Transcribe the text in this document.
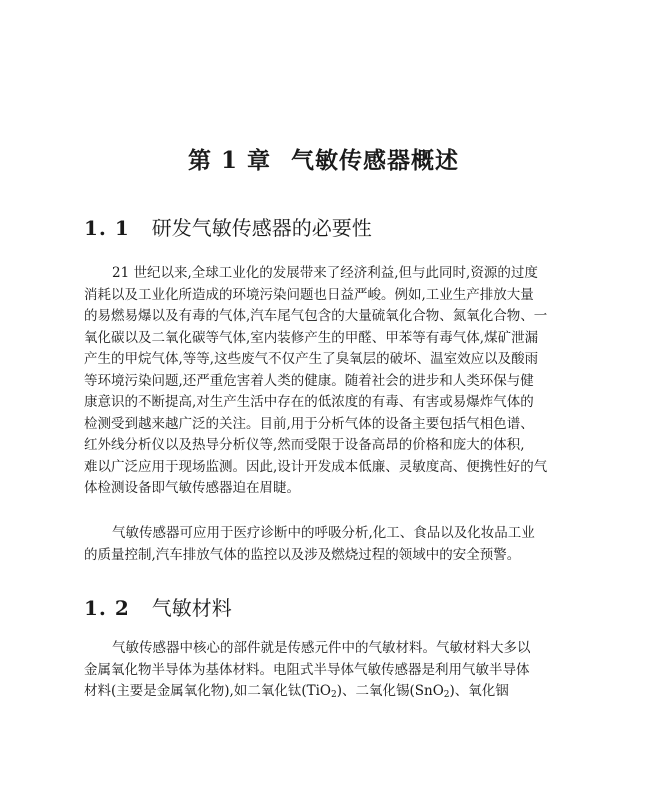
第 1 章 气敏传感器概述
1. 1 研发气敏传感器的必要性
21 世纪以来,全球工业化的发展带来了经济利益,但与此同时,资源的过度
消耗以及工业化所造成的环境污染问题也日益严峻。例如,工业生产排放大量
的易燃易爆以及有毒的气体,汽车尾气包含的大量硫氧化合物、氮氧化合物、一
氧化碳以及二氧化碳等气体,室内装修产生的甲醛、甲苯等有毒气体,煤矿泄漏
产生的甲烷气体,等等,这些废气不仅产生了臭氧层的破坏、温室效应以及酸雨
等环境污染问题,还严重危害着人类的健康。随着社会的进步和人类环保与健
康意识的不断提高,对生产生活中存在的低浓度的有毒、有害或易爆炸气体的
检测受到越来越广泛的关注。目前,用于分析气体的设备主要包括气相色谱、
红外线分析仪以及热导分析仪等,然而受限于设备高昂的价格和庞大的体积,
难以广泛应用于现场监测。因此,设计开发成本低廉、灵敏度高、便携性好的气
体检测设备即气敏传感器迫在眉睫。
气敏传感器可应用于医疗诊断中的呼吸分析,化工、食品以及化妆品工业
的质量控制,汽车排放气体的监控以及涉及燃烧过程的领域中的安全预警。
1. 2 气敏材料
气敏传感器中核心的部件就是传感元件中的气敏材料。气敏材料大多以
金属氧化物半导体为基体材料。电阻式半导体气敏传感器是利用气敏半导体
材料(主要是金属氧化物),如二氧化钛(TiO$_2$)、二氧化锡(SnO$_2$)、氧化铟
